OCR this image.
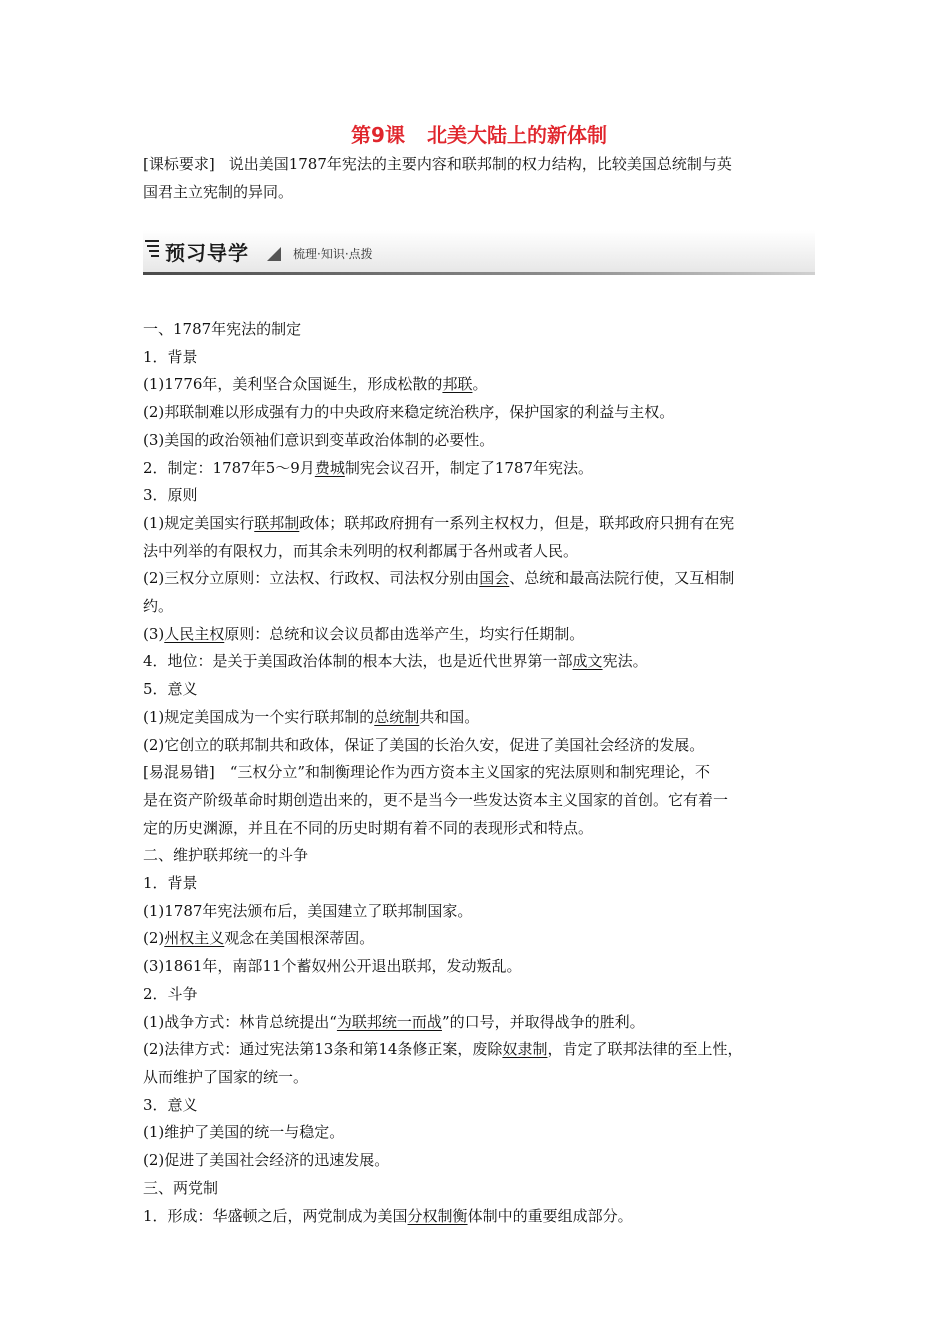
第9课 北美大陆上的新体制
[课标要求] 说出美国1787年宪法的主要内容和联邦制的权力结构，比较美国总统制与英
国君主立宪制的异同。
预习导学	梳理·知识·点拨
一、1787年宪法的制定
1．背景
(1)1776年，美利坚合众国诞生，形成松散的邦联。
(2)邦联制难以形成强有力的中央政府来稳定统治秩序，保护国家的利益与主权。
(3)美国的政治领袖们意识到变革政治体制的必要性。
2．制定：1787年5～9月费城制宪会议召开，制定了1787年宪法。
3．原则
(1)规定美国实行联邦制政体；联邦政府拥有一系列主权权力，但是，联邦政府只拥有在宪
法中列举的有限权力，而其余未列明的权利都属于各州或者人民。
(2)三权分立原则：立法权、行政权、司法权分别由国会、总统和最高法院行使，又互相制
约。
(3)人民主权原则：总统和议会议员都由选举产生，均实行任期制。
4．地位：是关于美国政治体制的根本大法，也是近代世界第一部成文宪法。
5．意义
(1)规定美国成为一个实行联邦制的总统制共和国。
(2)它创立的联邦制共和政体，保证了美国的长治久安，促进了美国社会经济的发展。
[易混易错]　“三权分立”和制衡理论作为西方资本主义国家的宪法原则和制宪理论，不
是在资产阶级革命时期创造出来的，更不是当今一些发达资本主义国家的首创。它有着一
定的历史渊源，并且在不同的历史时期有着不同的表现形式和特点。
二、维护联邦统一的斗争
1．背景
(1)1787年宪法颁布后，美国建立了联邦制国家。
(2)州权主义观念在美国根深蒂固。
(3)1861年，南部11个蓄奴州公开退出联邦，发动叛乱。
2．斗争
(1)战争方式：林肯总统提出“为联邦统一而战”的口号，并取得战争的胜利。
(2)法律方式：通过宪法第13条和第14条修正案，废除奴隶制，肯定了联邦法律的至上性，
从而维护了国家的统一。
3．意义
(1)维护了美国的统一与稳定。
(2)促进了美国社会经济的迅速发展。
三、两党制
1．形成：华盛顿之后，两党制成为美国分权制衡体制中的重要组成部分。
